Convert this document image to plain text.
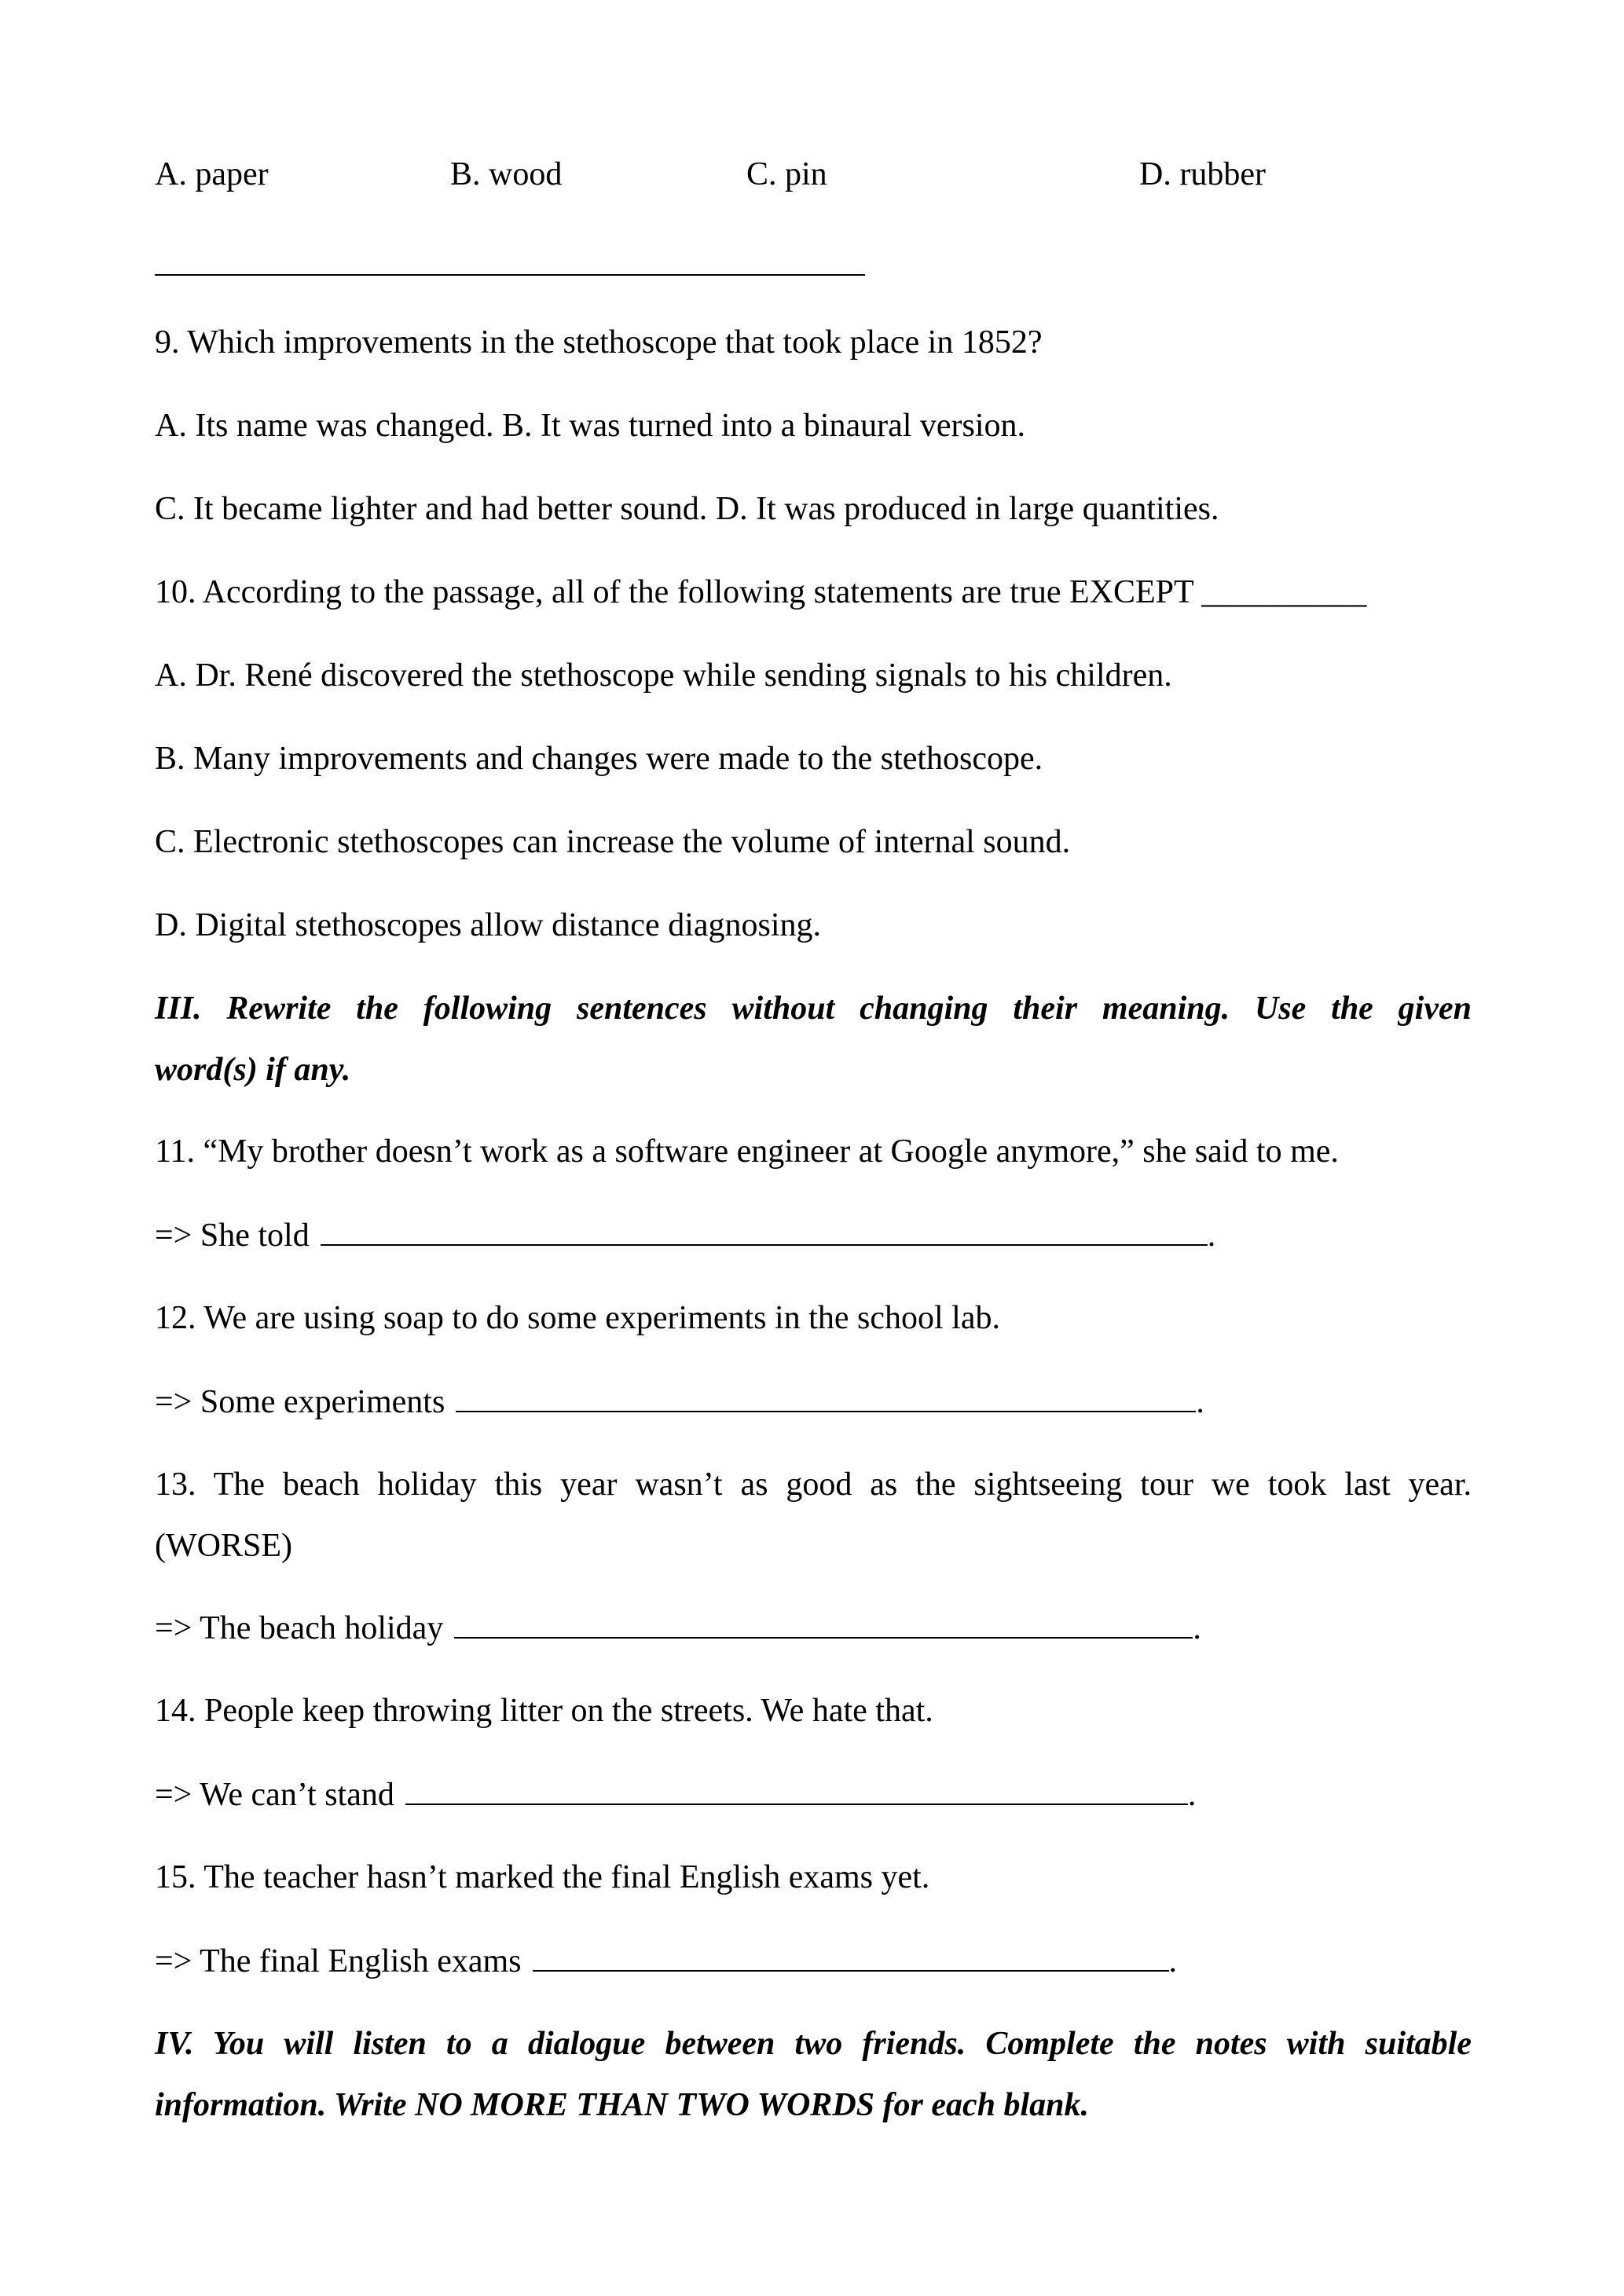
A. paper	B. wood	C. pin	D. rubber
9. Which improvements in the stethoscope that took place in 1852?
A. Its name was changed. B. It was turned into a binaural version.
C. It became lighter and had better sound. D. It was produced in large quantities.
10. According to the passage, all of the following statements are true EXCEPT __________
A. Dr. René discovered the stethoscope while sending signals to his children.
B. Many improvements and changes were made to the stethoscope.
C. Electronic stethoscopes can increase the volume of internal sound.
D. Digital stethoscopes allow distance diagnosing.
III. Rewrite the following sentences without changing their meaning. Use the given
word(s) if any.
11. “My brother doesn’t work as a software engineer at Google anymore,” she said to me.
=> She told	.
12. We are using soap to do some experiments in the school lab.
=> Some experiments	.
13. The beach holiday this year wasn’t as good as the sightseeing tour we took last year.
(WORSE)
=> The beach holiday	.
14. People keep throwing litter on the streets. We hate that.
=> We can’t stand	.
15. The teacher hasn’t marked the final English exams yet.
=> The final English exams	.
IV. You will listen to a dialogue between two friends. Complete the notes with suitable
information. Write NO MORE THAN TWO WORDS for each blank.
